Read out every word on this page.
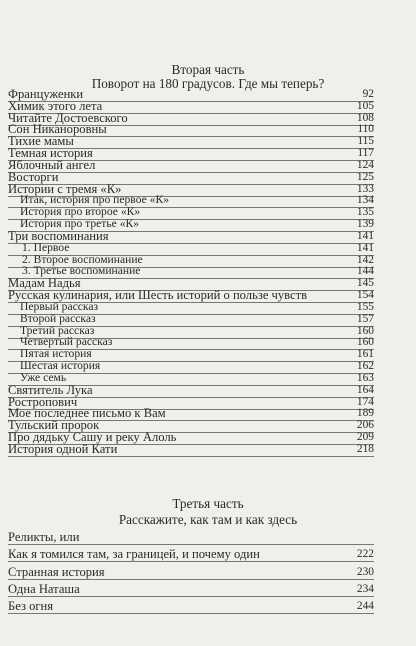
Вторая часть
Поворот на 180 градусов. Где мы теперь?
Француженки	92
Химик этого лета	105
Читайте Достоевского	108
Сон Никаноровны	110
Тихие мамы	115
Темная история	117
Яблочный ангел	124
Восторги	125
Истории с тремя «К»	133
Итак, история про первое «К»	134
История про второе «К»	135
История про третье «К»	139
Три воспоминания	141
1. Первое	141
2. Второе воспоминание	142
3. Третье воспоминание	144
Мадам Надья	145
Русская кулинария, или Шесть историй о пользе чувств	154
Первый рассказ	155
Второй рассказ	157
Третий рассказ	160
Четвертый рассказ	160
Пятая история	161
Шестая история	162
Уже семь	163
Святитель Лука	164
Ростропович	174
Мое последнее письмо к Вам	189
Тульский пророк	206
Про дядьку Сашу и реку Алоль	209
История одной Кати	218
Третья часть
Расскажите, как там и как здесь
Реликты, или
Как я томился там, за границей, и почему один	222
Странная история	230
Одна Наташа	234
Без огня	244
